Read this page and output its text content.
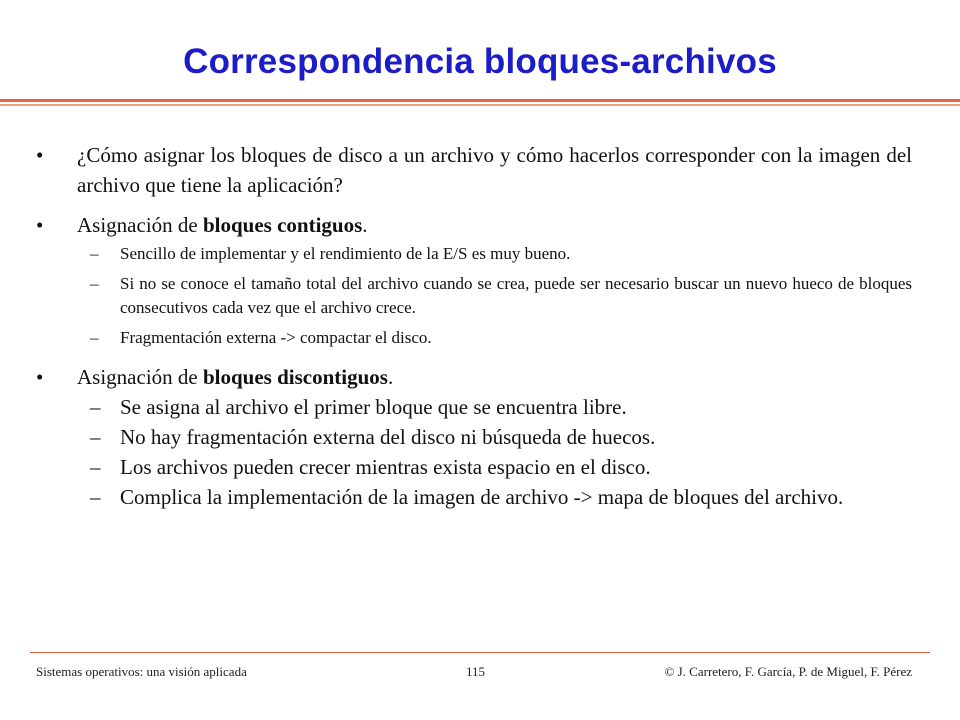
Correspondencia bloques-archivos

• ¿Cómo asignar los bloques de disco a un archivo y cómo hacerlos corresponder con la imagen del archivo que tiene la aplicación?

• Asignación de bloques contiguos.

– Sencillo de implementar y el rendimiento de la E/S es muy bueno.

– Si no se conoce el tamaño total del archivo cuando se crea, puede ser necesario buscar un nuevo hueco de bloques consecutivos cada vez que el archivo crece.

– Fragmentación externa -> compactar el disco.

• Asignación de bloques discontiguos.

– Se asigna al archivo el primer bloque que se encuentra libre.

– No hay fragmentación externa del disco ni búsqueda de huecos.

– Los archivos pueden crecer mientras exista espacio en el disco.

– Complica la implementación de la imagen de archivo -> mapa de bloques del archivo.

Sistemas operativos: una visión aplicada	115	© J. Carretero, F. García, P. de Miguel, F. Pérez
